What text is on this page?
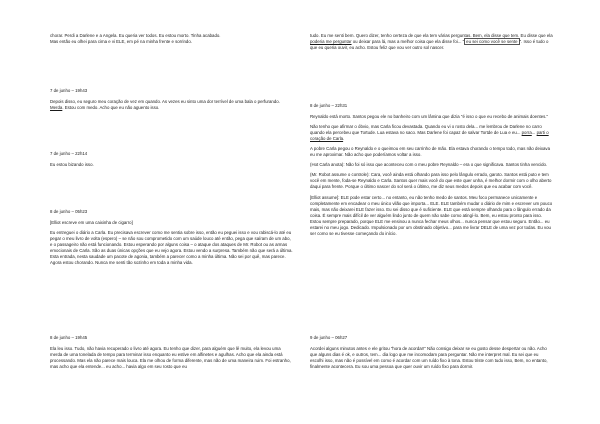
chorar. Perdi a Darlene e a Angela. Eu queria ver todos. Eu estou morto. Tinha acabado.
Mas então eu olhei para cima e vi ELE, em pé na minha frente e sorrindo.

7 de junho – 19h43

Depois disso, eu seguro meu coração de vez em quando. As vezes eu sinto uma dor terrível de uma bala o perfurando. Merda. Estou com medo. Acho que eu não aguento isso.

7 de junho – 22h14

Eu estou bizando isso.

8 de junho – 05h23

[Elliot escreve em uma caixinha de cigarro]

Eu entreguei o diário a Carla. Eu precisava escrever como me sentia sobre isso, então eu peguei isso e vou rabiscá-lo até eu pegar o meu livro de volta (espero) – se não sou comprometido com um saúde louco até então, pega que saíram de um abo, e o passageiro não está funcionando. Estou esperando por alguns coisa – o ataque dos ataques de Mr. Robot ou as armas emocionais de Carla. São as duas únicas opções que eu vejo agora. Estou vendo a surpresa. Também não que será a última. Esta entrada, nesta saudade um pacote de agonia, também a parecer como a minha última. Não sei por quê, mas parece. Agora estou chorando. Nunca me senti tão sozinho em toda a minha vida.

8 de junho – 19h45

Ela leu isso. Tudo, não havia recuperado o livro até agora. Eu tenho que dizer, para alguém que lê muito, ela levou uma merda de uma tonelada de tempo para terminar isso enquanto eu estive em alfinetes e agulhas. Acho que ela ainda está processando. Mas ela não parece mais louca. Ela me olhou de forma diferente, mas não de uma maneira ruim. Foi estranho, mas acho que ela entende... eu acho... havia algo em seu rosto que eu

tudo. Eu me senti bem. Quero dizer, tenho certeza de que ela tem várias perguntas. Bem, ela disse que tem. Eu disse que ela poderia me perguntar ou deixar para lá, mas a melhor coisa que ela disse foi... " eu sei como você se sente ". Isso é tudo o que eu queria ouvir, eu acho. Estou feliz que vou ver outro sol nascer.

8 de junho – 22h31

Reynaldo está morto. Santos pegou ele no banheiro com um lâmina que dizia "é isso o que eu recebo de animais doentes."

Não tenho que afirmar o óbvio, mas Carla ficou devastada. Quando eu vi o rosto dela... me lembrou de Darlene no carro quando ela percebeu que Tortude. Lua estava no saco. Mas Darlene foi capaz de salvar Tortde de Lua e eu... porra... parti o coração de Carla.

A pobre Carla pegou o Reynaldo e o queimou em seu carrinho de mão. Ela estava chorando o tempo todo, mas não deixava eu me aproximar. Não acho que poderíamos voltar a isso.

(Hot Carla anota): Não foi só isso que aconteceu com o meu pobre Reynaldo – era o que significava. Santos tinha vencido.

(Mr. Robot assume o controle): Cara, você ainda está olhando para isso pelo lângulo errado, garoto. Santos está puto e tem você em mente, foda-se Reynaldo e Carla. Santos quer mais você do que este quer unha, é melhor dormir com o olho aberto daqui para frente. Porque o último nascer do sol será o último, me diz seus medos depois que eu acabar com você.

[Elliot assume]: ELE pode estar certo... no entanto, eu não tenho medo de santos. Meu foco permanece unicamente e completamente em encadear o meu único vilão que importa... ELE. ELE também mudar o diário de mim e escrever um pouco mais, mas não deixarei ELE fazer isso. Eu sei disso que é suficiente. ELE que está sempre olhando para o lângulo errado da coisa. É sempre mais difícil de ver alguém lindo junto de quem não sabe como atingí-lo. Bem, eu estou pronto para isso. Estou sempre preparado, porque ELE me ensinou a nunca fechar meus olhos... nunca pensar que estou seguro. Então... eu estarei no meu jogo. Dedicado. Impulsionado por um obstinado objetivo... para me livrar DELE de uma vez por todas. Eu vou ser como se eu tivesse começando do início.

9 de junho – 06h27

Acordei alguns minutos antes e ele gritou "hora de acordar!" Não consigo deixar se eu gosto desse despertar ou não. Acho que alguns dias é ok, e outros, tem... dia logo que me incomodam para perguntar. Não me interpret mal. Eu sei que eu escolhi isso, mas não é possível em como é acordar com um ruído fixo à tona. Estou triste com tudo isso, Bem, no entanto, finalmente acontecera. Eu sou uma pessoa que quer ouvir um ruído fixo para dormir.
